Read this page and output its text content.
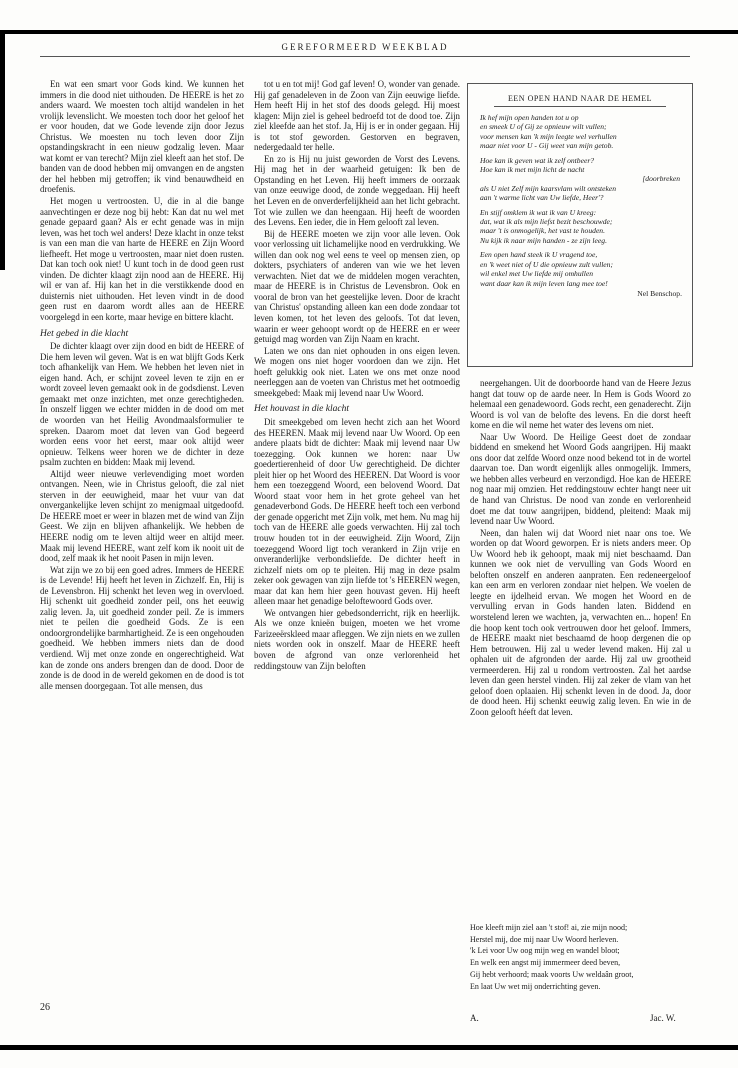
GEREFORMEERD WEEKBLAD

En wat een smart voor Gods kind. We kunnen het immers in die dood niet uithouden. De HEERE is het zo anders waard. We moesten toch altijd wandelen in het vrolijk levenslicht. We moesten toch door het geloof het er voor houden, dat we Gode levende zijn door Jezus Christus. We moesten nu toch leven door Zijn opstandingskracht in een nieuw godzalig leven. Maar wat komt er van terecht? Mijn ziel kleeft aan het stof. De banden van de dood hebben mij omvangen en de angsten der hel hebben mij getroffen; ik vind benauwdheid en droefenis.

Het mogen u vertroosten. U, die in al die bange aanvechtingen er deze nog bij hebt: Kan dat nu wel met genade gepaard gaan? Als er echt genade was in mijn leven, was het toch wel anders! Deze klacht in onze tekst is van een man die van harte de HEERE en Zijn Woord liefheeft. Het moge u vertroosten, maar niet doen rusten. Dat kan toch ook niet! U kunt toch in de dood geen rust vinden. De dichter klaagt zijn nood aan de HEERE. Hij wil er van af. Hij kan het in die verstikkende dood en duisternis niet uithouden. Het leven vindt in de dood geen rust en daarom wordt alles aan de HEERE voorgelegd in een korte, maar hevige en bittere klacht.

Het gebed in die klacht

De dichter klaagt over zijn dood en bidt de HEERE of Die hem leven wil geven. Wat is en wat blijft Gods Kerk toch afhankelijk van Hem. We hebben het leven niet in eigen hand. Ach, er schijnt zoveel leven te zijn en er wordt zoveel leven gemaakt ook in de godsdienst. Leven gemaakt met onze inzichten, met onze gerechtigheden. In onszelf liggen we echter midden in de dood om met de woorden van het Heilig Avondmaalsformulier te spreken. Daarom moet dat leven van God begeerd worden eens voor het eerst, maar ook altijd weer opnieuw. Telkens weer horen we de dichter in deze psalm zuchten en bidden: Maak mij levend.

Altijd weer nieuwe verlevendiging moet worden ontvangen. Neen, wie in Christus gelooft, die zal niet sterven in der eeuwigheid, maar het vuur van dat onvergankelijke leven schijnt zo menigmaal uitgedoofd. De HEERE moet er weer in blazen met de wind van Zijn Geest. We zijn en blijven afhankelijk. We hebben de HEERE nodig om te leven altijd weer en altijd meer. Maak mij levend HEERE, want zelf kom ik nooit uit de dood, zelf maak ik het nooit Pasen in mijn leven.

Wat zijn we zo bij een goed adres. Immers de HEERE is de Levende! Hij heeft het leven in Zichzelf. En, Hij is de Levensbron. Hij schenkt het leven weg in overvloed. Hij schenkt uit goedheid zonder peil, ons het eeuwig zalig leven. Ja, uit goedheid zonder peil. Ze is immers niet te peilen die goedheid Gods. Ze is een ondoorgrondelijke barmhartigheid. Ze is een ongehouden goedheid. We hebben immers niets dan de dood verdiend. Wij met onze zonde en ongerechtigheid. Wat kan de zonde ons anders brengen dan de dood. Door de zonde is de dood in de wereld gekomen en de dood is tot alle mensen doorgegaan. Tot alle mensen, dus

tot u en tot mij! God gaf leven! O, wonder van genade. Hij gaf genadeleven in de Zoon van Zijn eeuwige liefde. Hem heeft Hij in het stof des doods gelegd. Hij moest klagen: Mijn ziel is geheel bedroefd tot de dood toe. Zijn ziel kleefde aan het stof. Ja, Hij is er in onder gegaan. Hij is tot stof geworden. Gestorven en begraven, nedergedaald ter helle.

En zo is Hij nu juist geworden de Vorst des Levens. Hij mag het in der waarheid getuigen: Ik ben de Opstanding en het Leven. Hij heeft immers de oorzaak van onze eeuwige dood, de zonde weggedaan. Hij heeft het Leven en de onverderfelijkheid aan het licht gebracht. Tot wie zullen we dan heengaan. Hij heeft de woorden des Levens. Een ieder, die in Hem gelooft zal leven.

Bij de HEERE moeten we zijn voor alle leven. Ook voor verlossing uit lichamelijke nood en verdrukking. We willen dan ook nog wel eens te veel op mensen zien, op dokters, psychiaters of anderen van wie we het leven verwachten. Niet dat we de middelen mogen verachten, maar de HEERE is in Christus de Levensbron. Ook en vooral de bron van het geestelijke leven. Door de kracht van Christus' opstanding alleen kan een dode zondaar tot leven komen, tot het leven des geloofs. Tot dat leven, waarin er weer gehoopt wordt op de HEERE en er weer getuigd mag worden van Zijn Naam en kracht.

Laten we ons dan niet ophouden in ons eigen leven. We mogen ons niet hoger voordoen dan we zijn. Het hoeft gelukkig ook niet. Laten we ons met onze nood neerleggen aan de voeten van Christus met het ootmoedig smeekgebed: Maak mij levend naar Uw Woord.

Het houvast in die klacht

Dit smeekgebed om leven hecht zich aan het Woord des HEEREN. Maak mij levend naar Uw Woord. Op een andere plaats bidt de dichter: Maak mij levend naar Uw toezegging. Ook kunnen we horen: naar Uw goedertierenheid of door Uw gerechtigheid. De dichter pleit hier op het Woord des HEEREN. Dat Woord is voor hem een toezeggend Woord, een belovend Woord. Dat Woord staat voor hem in het grote geheel van het genadeverbond Gods. De HEERE heeft toch een verbond der genade opgericht met Zijn volk, met hem. Nu mag hij toch van de HEERE alle goeds verwachten. Hij zal toch trouw houden tot in der eeuwigheid. Zijn Woord, Zijn toezeggend Woord ligt toch verankerd in Zijn vrije en onveranderlijke verbondsliefde. De dichter heeft in zichzelf niets om op te pleiten. Hij mag in deze psalm zeker ook gewagen van zijn liefde tot 's HEEREN wegen, maar dat kan hem hier geen houvast geven. Hij heeft alleen maar het genadige beloftewoord Gods over.

We ontvangen hier gebedsonderricht, rijk en heerlijk. Als we onze knieën buigen, moeten we het vrome Farizeeërskleed maar afleggen. We zijn niets en we zullen niets worden ook in onszelf. Maar de HEERE heeft boven de afgrond van onze verlorenheid het reddingstouw van Zijn beloften

EEN OPEN HAND NAAR DE HEMEL
Ik hef mijn open handen tot u op
en smeek U of Gij ze opnieuw wilt vullen;
voor mensen kan 'k mijn leegte wel verhullen
maar niet voor U - Gij weet van mijn getob.
Hoe kan ik geven wat ik zelf ontbeer?
Hoe kan ik met mijn licht de nacht
[doorbreken
als U niet Zelf mijn kaarsvlam wilt ontsteken
aan 't warme licht van Uw liefde, Heer'?
En stijf omklem ik wat ik van U kreeg:
dat, wat ik als mijn liefst bezit beschouwde;
maar 't is onmogelijk, het vast te houden.
Nu kijk ik naar mijn handen - ze zijn leeg.
Een open hand steek ik U vragend toe,
en 'k weet niet of U die opnieuw zult vullen;
wil enkel met Uw liefde mij omhullen
want daar kan ik mijn leven lang mee toe!
Nel Benschop.

neergehangen. Uit de doorboorde hand van de Heere Jezus hangt dat touw op de aarde neer. In Hem is Gods Woord zo helemaal een genadewoord. Gods recht, een genaderecht. Zijn Woord is vol van de belofte des levens. En die dorst heeft kome en die wil neme het water des levens om niet.

Naar Uw Woord. De Heilige Geest doet de zondaar biddend en smekend het Woord Gods aangrijpen. Hij maakt ons door dat zelfde Woord onze nood bekend tot in de wortel daarvan toe. Dan wordt eigenlijk alles onmogelijk. Immers, we hebben alles verbeurd en verzondigd. Hoe kan de HEERE nog naar mij omzien. Het reddingstouw echter hangt neer uit de hand van Christus. De nood van zonde en verlorenheid doet me dat touw aangrijpen, biddend, pleitend: Maak mij levend naar Uw Woord.

Neen, dan halen wij dat Woord niet naar ons toe. We worden op dat Woord geworpen. Er is niets anders meer. Op Uw Woord heb ik gehoopt, maak mij niet beschaamd. Dan kunnen we ook niet de vervulling van Gods Woord en beloften onszelf en anderen aanpraten. Een redeneergeloof kan een arm en verloren zondaar niet helpen. We voelen de leegte en ijdelheid ervan. We mogen het Woord en de vervulling ervan in Gods handen laten. Biddend en worstelend leren we wachten, ja, verwachten en... hopen! En die hoop kent toch ook vertrouwen door het geloof. Immers, de HEERE maakt niet beschaamd de hoop dergenen die op Hem betrouwen. Hij zal u weder levend maken. Hij zal u ophalen uit de afgronden der aarde. Hij zal uw grootheid vermeerderen. Hij zal u rondom vertroosten. Zal het aardse leven dan geen herstel vinden. Hij zal zeker de vlam van het geloof doen oplaaien. Hij schenkt leven in de dood. Ja, door de dood heen. Hij schenkt eeuwig zalig leven. En wie in de Zoon gelooft héeft dat leven.

Hoe kleeft mijn ziel aan 't stof! ai, zie mijn nood;
Herstel mij, doe mij naar Uw Woord herleven.
'k Lei voor Uw oog mijn weg en wandel bloot;
En welk een angst mij immermeer deed beven,
Gij hebt verhoord; maak voorts Uw weldaân groot,
En laat Uw wet mij onderrichting geven.
A.	Jac. W.
26
